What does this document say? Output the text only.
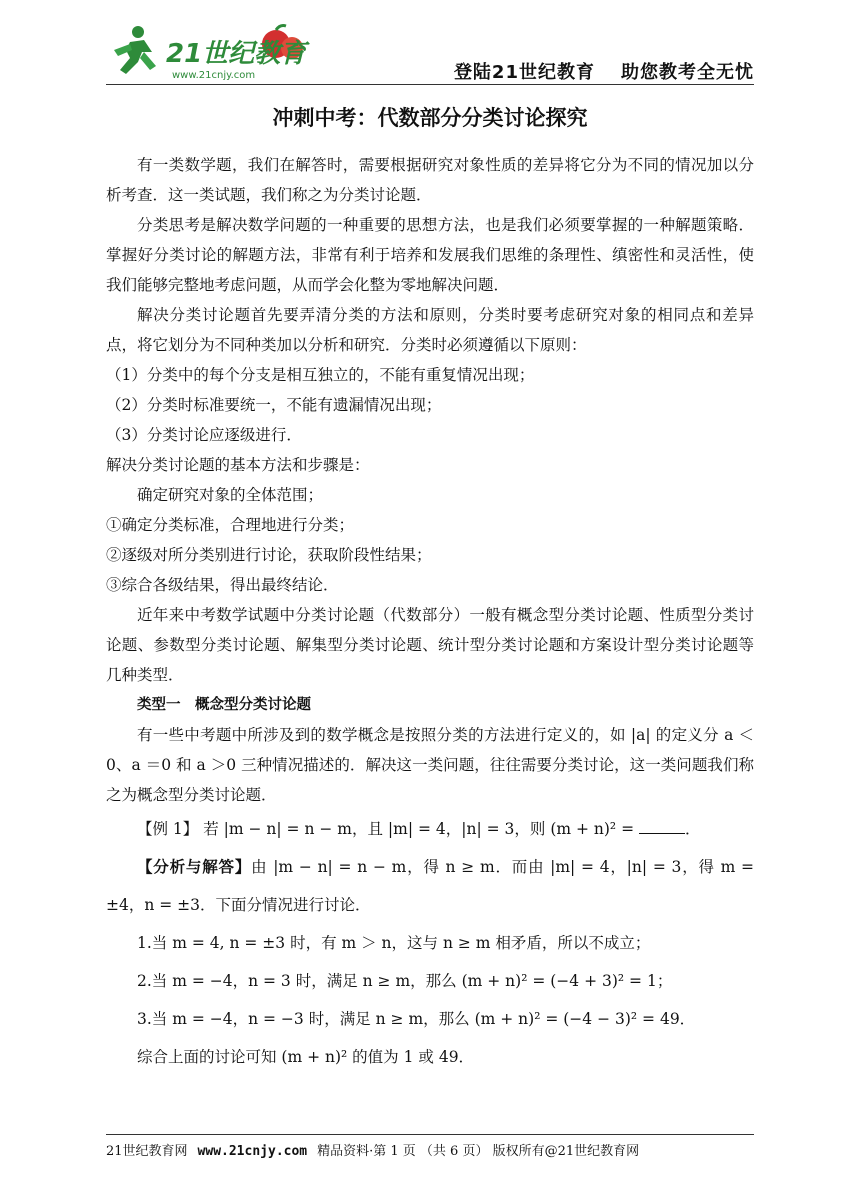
21世纪教育
www.21cnjy.com	登陆21世纪教育 助您教考全无忧
冲刺中考：代数部分分类讨论探究

有一类数学题，我们在解答时，需要根据研究对象性质的差异将它分为不同的情况加以分析考查．这一类试题，我们称之为分类讨论题．

分类思考是解决数学问题的一种重要的思想方法，也是我们必须要掌握的一种解题策略．掌握好分类讨论的解题方法，非常有利于培养和发展我们思维的条理性、缜密性和灵活性，使我们能够完整地考虑问题，从而学会化整为零地解决问题．

解决分类讨论题首先要弄清分类的方法和原则，分类时要考虑研究对象的相同点和差异点，将它划分为不同种类加以分析和研究．分类时必须遵循以下原则：

（1）分类中的每个分支是相互独立的，不能有重复情况出现；

（2）分类时标准要统一，不能有遗漏情况出现；

（3）分类讨论应逐级进行．

解决分类讨论题的基本方法和步骤是：

确定研究对象的全体范围；

①确定分类标准，合理地进行分类；

②逐级对所分类别进行讨论，获取阶段性结果；

③综合各级结果，得出最终结论．

近年来中考数学试题中分类讨论题（代数部分）一般有概念型分类讨论题、性质型分类讨论题、参数型分类讨论题、解集型分类讨论题、统计型分类讨论题和方案设计型分类讨论题等几种类型．

类型一　概念型分类讨论题

有一些中考题中所涉及到的数学概念是按照分类的方法进行定义的，如 |a| 的定义分 a ＜0、a ＝0 和 a ＞0 三种情况描述的．解决这一类问题，往往需要分类讨论，这一类问题我们称之为概念型分类讨论题．

【例 1】 若 |m − n| = n − m，且 |m| = 4，|n| = 3，则 (m + n)² =	．

【分析与解答】由 |m − n| = n − m，得 n ≥ m．而由 |m| = 4，|n| = 3，得 m = ±4，n = ±3．下面分情况进行讨论．

1.当 m = 4, n = ±3 时，有 m ＞ n，这与 n ≥ m 相矛盾，所以不成立；

2.当 m = −4，n = 3 时，满足 n ≥ m，那么 (m + n)² = (−4 + 3)² = 1；

3.当 m = −4，n = −3 时，满足 n ≥ m，那么 (m + n)² = (−4 − 3)² = 49．

综合上面的讨论可知 (m + n)² 的值为 1 或 49．

21世纪教育网 www.21cnjy.com 精品资料·第 1 页 （共 6 页） 版权所有@21世纪教育网
